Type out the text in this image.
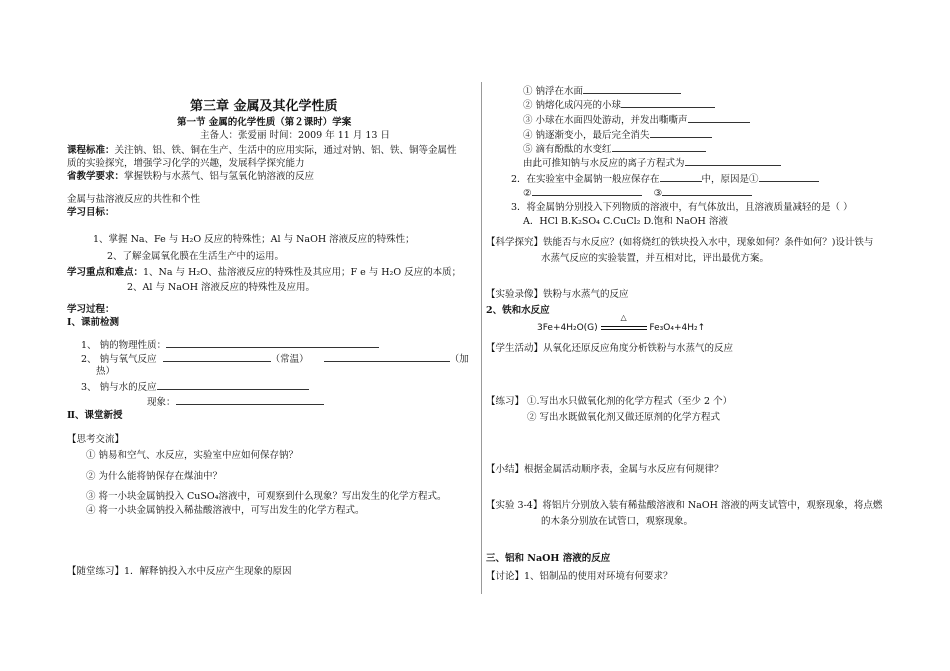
第三章 金属及其化学性质
第一节 金属的化学性质（第２课时）学案
主备人：张爱丽 时间：2009 年 11 月 13 日
课程标准：关注钠、铝、铁、铜在生产、生活中的应用实际，通过对钠、铝、铁、铜等金属性
质的实验探究，增强学习化学的兴趣，发展科学探究能力
省教学要求：掌握铁粉与水蒸气、铝与氢氧化钠溶液的反应
金属与盐溶液反应的共性和个性
学习目标：
1、掌握 Na、Fe 与 H₂O 反应的特殊性；Al 与 NaOH 溶液反应的特殊性；
2、了解金属氧化膜在生活生产中的运用。
学习重点和难点：1、Na 与 H₂O、盐溶液反应的特殊性及其应用；F e 与 H₂O 反应的本质；
2、Al 与 NaOH 溶液反应的特殊性及应用。
学习过程：
Ⅰ、课前检测
1、 钠的物理性质：
2、 钠与氧气反应	（常温）	（加
热）
3、 钠与水的反应
现象：
Ⅱ、课堂新授
【思考交流】
① 钠易和空气、水反应，实验室中应如何保存钠？
② 为什么能将钠保存在煤油中？
③ 将一小块金属钠投入 CuSO₄溶液中，可观察到什么现象？写出发生的化学方程式。
④ 将一小块金属钠投入稀盐酸溶液中，可写出发生的化学方程式。
【随堂练习】1．解释钠投入水中反应产生现象的原因
① 钠浮在水面
② 钠熔化成闪亮的小球
③ 小球在水面四处游动，并发出嘶嘶声
④ 钠逐渐变小，最后完全消失
⑤ 滴有酚酞的水变红
由此可推知钠与水反应的离子方程式为
2．在实验室中金属钠一般应保存在	中，原因是①
②	③
3．将金属钠分别投入下列物质的溶液中，有气体放出，且溶液质量减轻的是（ ）
A．HCl B.K₂SO₄ C.CuCl₂ D.饱和 NaOH 溶液
【科学探究】铁能否与水反应？(如将烧红的铁块投入水中，现象如何？条件如何？)设计铁与
水蒸气反应的实验装置，并互相对比，评出最优方案。
【实验录像】铁粉与水蒸气的反应
2、铁和水反应
3Fe+4H₂O(G)
△
Fe₃O₄+4H₂↑
【学生活动】从氧化还原反应角度分析铁粉与水蒸气的反应
【练习】 ①.写出水只做氧化剂的化学方程式（至少 2 个）
② 写出水既做氧化剂又做还原剂的化学方程式
【小结】根据金属活动顺序表，金属与水反应有何规律？
【实验 3-4】将铝片分别放入装有稀盐酸溶液和 NaOH 溶液的两支试管中，观察现象，将点燃
的木条分别放在试管口，观察现象。
三、铝和 NaOH 溶液的反应
【讨论】1、铝制品的使用对环境有何要求？
